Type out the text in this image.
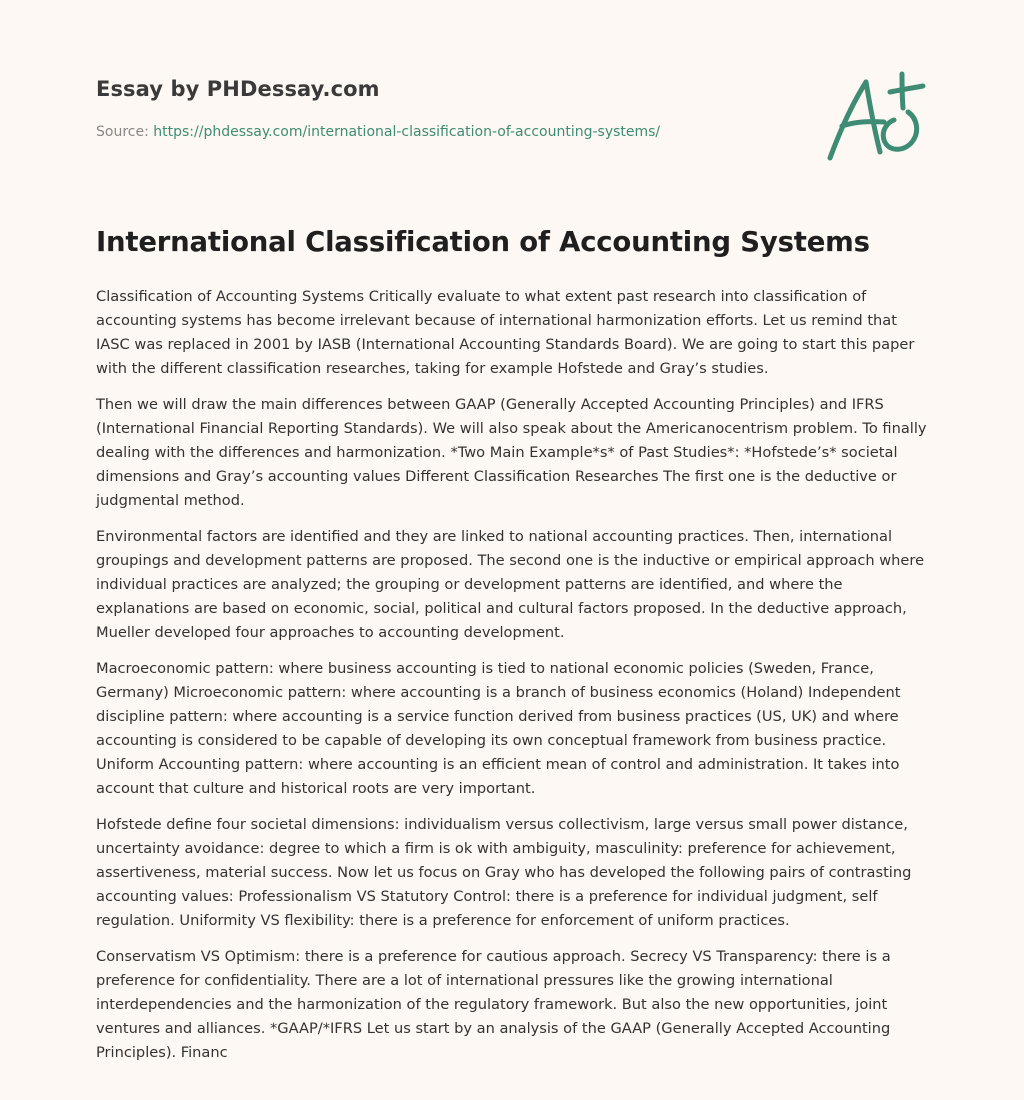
Essay by PHDessay.com
Source: https://phdessay.com/international-classification-of-accounting-systems/
International Classification of Accounting Systems

Classification of Accounting Systems Critically evaluate to what extent past research into classification of accounting systems has become irrelevant because of international harmonization efforts. Let us remind that IASC was replaced in 2001 by IASB (International Accounting Standards Board). We are going to start this paper with the different classification researches, taking for example Hofstede and Gray’s studies.

Then we will draw the main differences between GAAP (Generally Accepted Accounting Principles) and IFRS (International Financial Reporting Standards). We will also speak about the Americanocentrism problem. To finally dealing with the differences and harmonization. *Two Main Example*s* of Past Studies*: *Hofstede’s* societal dimensions and Gray’s accounting values Different Classification Researches The first one is the deductive or judgmental method.

Environmental factors are identified and they are linked to national accounting practices. Then, international groupings and development patterns are proposed. The second one is the inductive or empirical approach where individual practices are analyzed; the grouping or development patterns are identified, and where the explanations are based on economic, social, political and cultural factors proposed. In the deductive approach, Mueller developed four approaches to accounting development.

Macroeconomic pattern: where business accounting is tied to national economic policies (Sweden, France, Germany) Microeconomic pattern: where accounting is a branch of business economics (Holand) Independent discipline pattern: where accounting is a service function derived from business practices (US, UK) and where accounting is considered to be capable of developing its own conceptual framework from business practice. Uniform Accounting pattern: where accounting is an efficient mean of control and administration. It takes into account that culture and historical roots are very important.

Hofstede define four societal dimensions: individualism versus collectivism, large versus small power distance, uncertainty avoidance: degree to which a firm is ok with ambiguity, masculinity: preference for achievement, assertiveness, material success. Now let us focus on Gray who has developed the following pairs of contrasting accounting values: Professionalism VS Statutory Control: there is a preference for individual judgment, self regulation. Uniformity VS flexibility: there is a preference for enforcement of uniform practices.

Conservatism VS Optimism: there is a preference for cautious approach. Secrecy VS Transparency: there is a preference for confidentiality. There are a lot of international pressures like the growing international interdependencies and the harmonization of the regulatory framework. But also the new opportunities, joint ventures and alliances. *GAAP/*IFRS Let us start by an analysis of the GAAP (Generally Accepted Accounting Principles). Financ
